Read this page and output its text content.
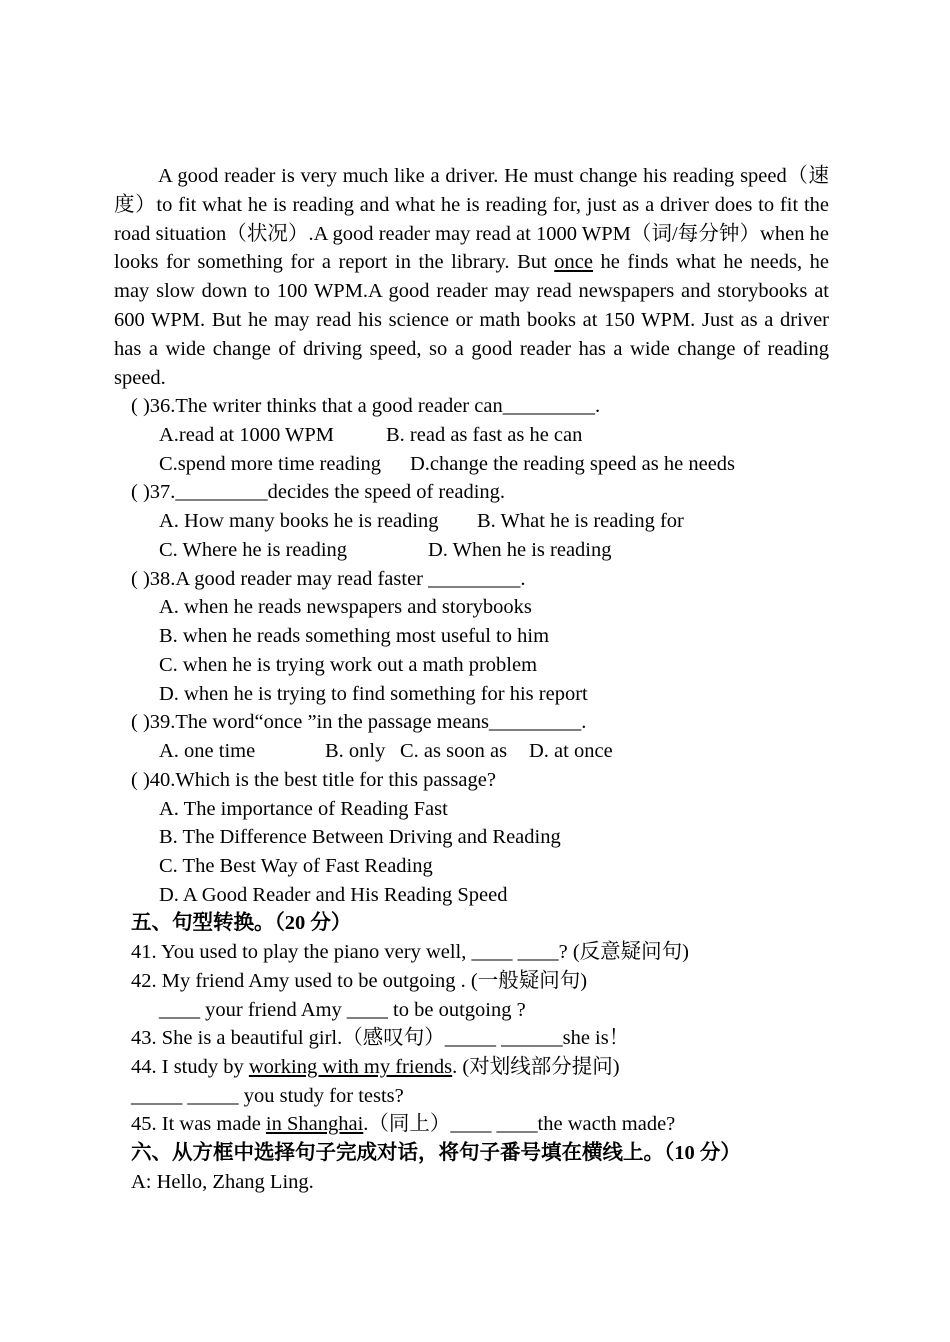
A good reader is very much like a driver. He must change his reading speed（速度）to fit what he is reading and what he is reading for, just as a driver does to fit the road situation（状况）.A good reader may read at 1000 WPM（词/每分钟）when he looks for something for a report in the library. But once he finds what he needs, he may slow down to 100 WPM.A good reader may read newspapers and storybooks at 600 WPM. But he may read his science or math books at 150 WPM. Just as a driver has a wide change of driving speed, so a good reader has a wide change of reading speed.
( )36.The writer thinks that a good reader can_________.
A.read at 1000 WPM	B. read as fast as he can
C.spend more time reading D.change the reading speed as he needs
( )37._________decides the speed of reading.
A. How many books he is reading B. What he is reading for
C. Where he is reading	D. When he is reading
( )38.A good reader may read faster _________.
A. when he reads newspapers and storybooks
B. when he reads something most useful to him
C. when he is trying work out a math problem
D. when he is trying to find something for his report
( )39.The word“once ”in the passage means_________.
A. one time	B. only C. as soon as D. at once
( )40.Which is the best title for this passage?
A. The importance of Reading Fast
B. The Difference Between Driving and Reading
C. The Best Way of Fast Reading
D. A Good Reader and His Reading Speed
五、句型转换。（20 分）
41. You used to play the piano very well, ____ ____? (反意疑问句)
42. My friend Amy used to be outgoing . (一般疑问句)
____ your friend Amy ____ to be outgoing ?
43. She is a beautiful girl.（感叹句）_____ ______she is！
44. I study by working with my friends. (对划线部分提问)
_____ _____ you study for tests?
45. It was made in Shanghai.（同上）____ ____the wacth made?
六、从方框中选择句子完成对话，将句子番号填在横线上。（10 分）
A: Hello, Zhang Ling.
